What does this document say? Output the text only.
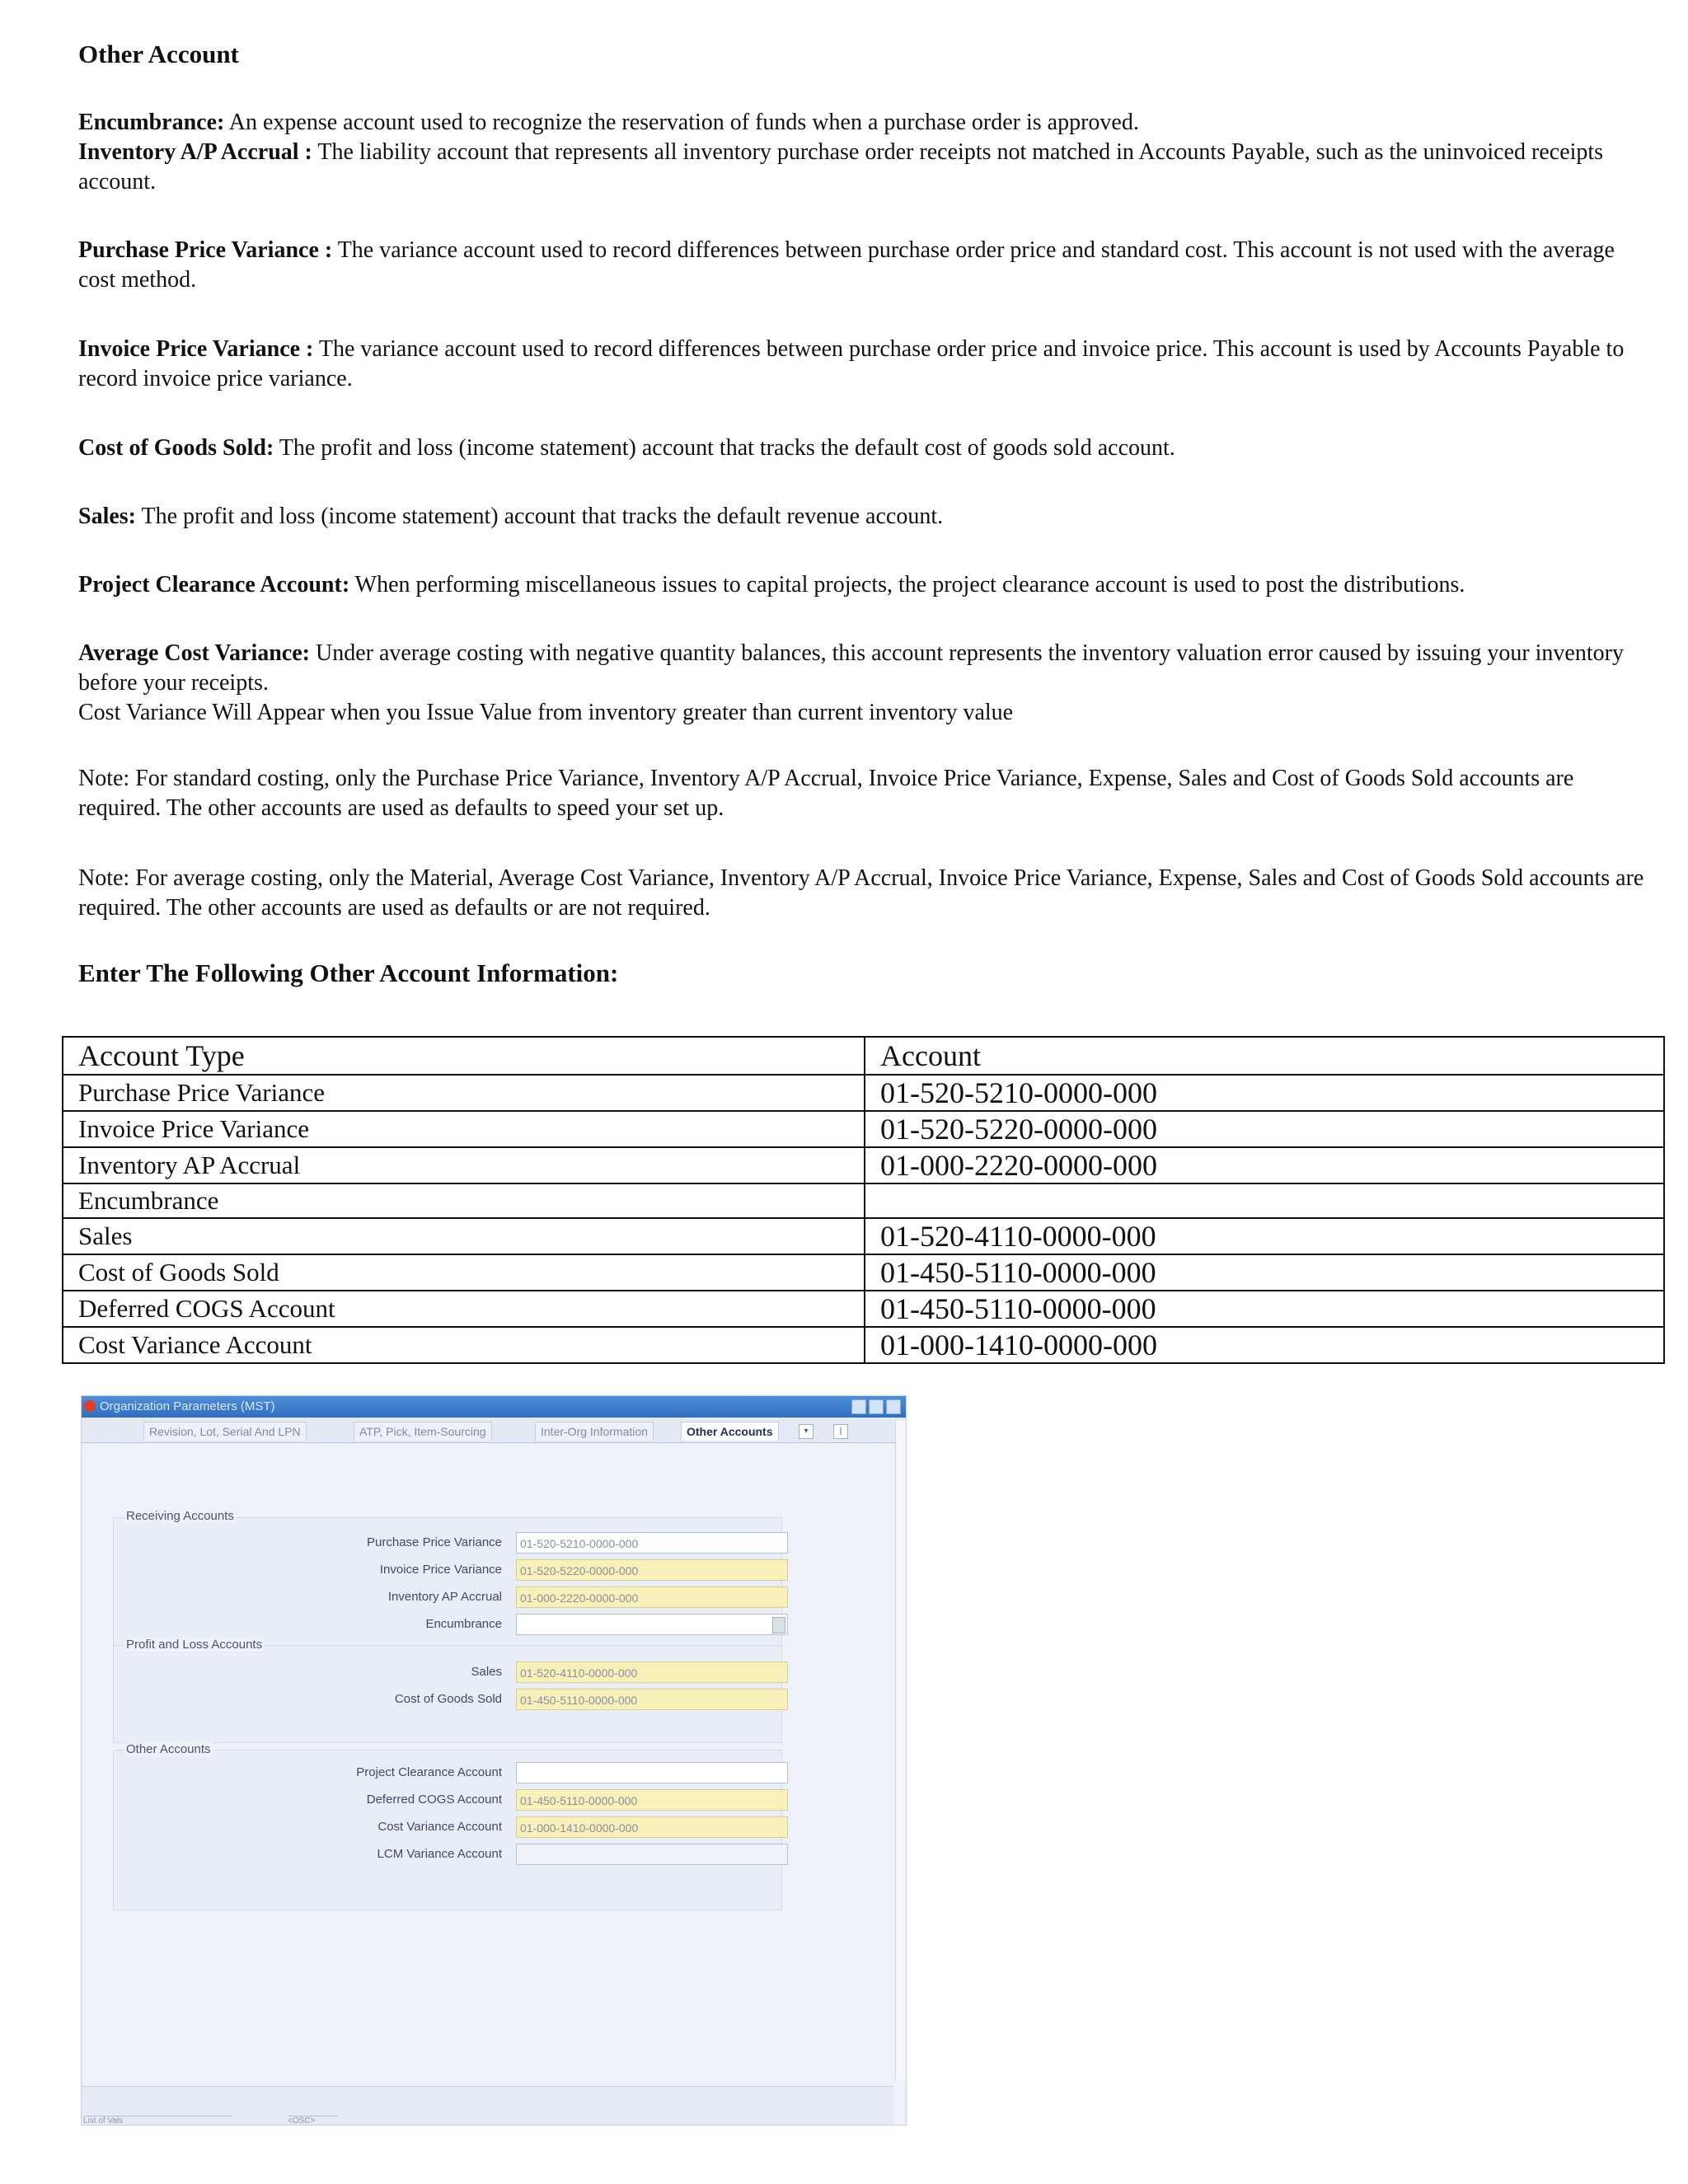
Other Account
Encumbrance: An expense account used to recognize the reservation of funds when a purchase order is approved.
Inventory A/P Accrual : The liability account that represents all inventory purchase order receipts not matched in Accounts Payable, such as the uninvoiced receipts account.
Purchase Price Variance : The variance account used to record differences between purchase order price and standard cost. This account is not used with the average cost method.
Invoice Price Variance : The variance account used to record differences between purchase order price and invoice price. This account is used by Accounts Payable to record invoice price variance.
Cost of Goods Sold: The profit and loss (income statement) account that tracks the default cost of goods sold account.
Sales: The profit and loss (income statement) account that tracks the default revenue account.
Project Clearance Account: When performing miscellaneous issues to capital projects, the project clearance account is used to post the distributions.
Average Cost Variance: Under average costing with negative quantity balances, this account represents the inventory valuation error caused by issuing your inventory before your receipts.
Cost Variance Will Appear when you Issue Value from inventory greater than current inventory value
Note: For standard costing, only the Purchase Price Variance, Inventory A/P Accrual, Invoice Price Variance, Expense, Sales and Cost of Goods Sold accounts are required. The other accounts are used as defaults to speed your set up.
Note: For average costing, only the Material, Average Cost Variance, Inventory A/P Accrual, Invoice Price Variance, Expense, Sales and Cost of Goods Sold accounts are required. The other accounts are used as defaults or are not required.
Enter The Following Other Account Information:
Account Type	Account
Purchase Price Variance	01-520-5210-0000-000
Invoice Price Variance	01-520-5220-0000-000
Inventory AP Accrual	01-000-2220-0000-000
Encumbrance	
Sales	01-520-4110-0000-000
Cost of Goods Sold	01-450-5110-0000-000
Deferred COGS Account	01-450-5110-0000-000
Cost Variance Account	01-000-1410-0000-000
Organization Parameters (MST)
Revision, Lot, Serial And LPN	ATP, Pick, Item-Sourcing	Inter-Org Information	Other Accounts	▾	|
Receiving Accounts
Purchase Price Variance	01-520-5210-0000-000
Invoice Price Variance	01-520-5220-0000-000
Inventory AP Accrual	01-000-2220-0000-000
Encumbrance
Profit and Loss Accounts
Sales	01-520-4110-0000-000
Cost of Goods Sold	01-450-5110-0000-000
Other Accounts
Project Clearance Account
Deferred COGS Account	01-450-5110-0000-000
Cost Variance Account	01-000-1410-0000-000
LCM Variance Account
List of Vals	<OSC>
